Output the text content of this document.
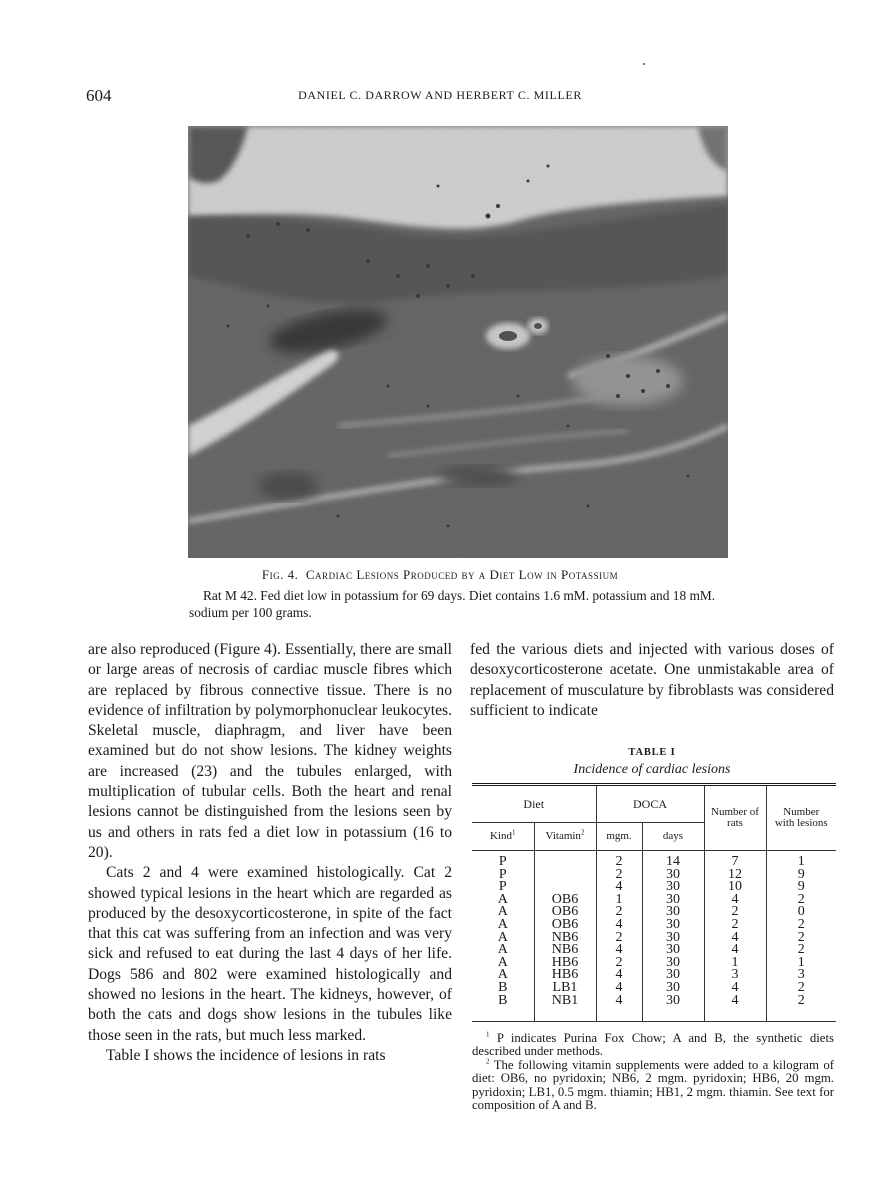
604	DANIEL C. DARROW AND HERBERT C. MILLER
Fig. 4. Cardiac Lesions Produced by a Diet Low in Potassium
Rat M 42. Fed diet low in potassium for 69 days. Diet contains 1.6 mM. potassium and 18 mM. sodium per 100 grams.

are also reproduced (Figure 4). Essentially, there are small or large areas of necrosis of cardiac muscle fibres which are replaced by fibrous connective tissue. There is no evidence of infiltration by polymorphonuclear leukocytes. Skeletal muscle, diaphragm, and liver have been examined but do not show lesions. The kidney weights are increased (23) and the tubules enlarged, with multiplication of tubular cells. Both the heart and renal lesions cannot be distinguished from the lesions seen by us and others in rats fed a diet low in potassium (16 to 20).

Cats 2 and 4 were examined histologically. Cat 2 showed typical lesions in the heart which are regarded as produced by the desoxycorticosterone, in spite of the fact that this cat was suffering from an infection and was very sick and refused to eat during the last 4 days of her life. Dogs 586 and 802 were examined histologically and showed no lesions in the heart. The kidneys, however, of both the cats and dogs show lesions in the tubules like those seen in the rats, but much less marked.

Table I shows the incidence of lesions in rats

fed the various diets and injected with various doses of desoxycorticosterone acetate. One unmistakable area of replacement of musculature by fibroblasts was considered sufficient to indicate

TABLE I
Incidence of cardiac lesions
Diet		DOCA		Number of rats	Number with lesions
Kind$^1$	Vitamin$^2$	mgm.	days		
P		2	14	7	1
P		2	30	12	9
P		4	30	10	9
A	OB6	1	30	4	2
A	OB6	2	30	2	0
A	OB6	4	30	2	2
A	NB6	2	30	4	2
A	NB6	4	30	4	2
A	HB6	2	30	1	1
A	HB6	4	30	3	3
B	LB1	4	30	4	2
B	NB1	4	30	4	2

$^1$ P indicates Purina Fox Chow; A and B, the synthetic diets described under methods.

$^2$ The following vitamin supplements were added to a kilogram of diet: OB6, no pyridoxin; NB6, 2 mgm. pyridoxin; HB6, 20 mgm. pyridoxin; LB1, 0.5 mgm. thiamin; HB1, 2 mgm. thiamin. See text for composition of A and B.
